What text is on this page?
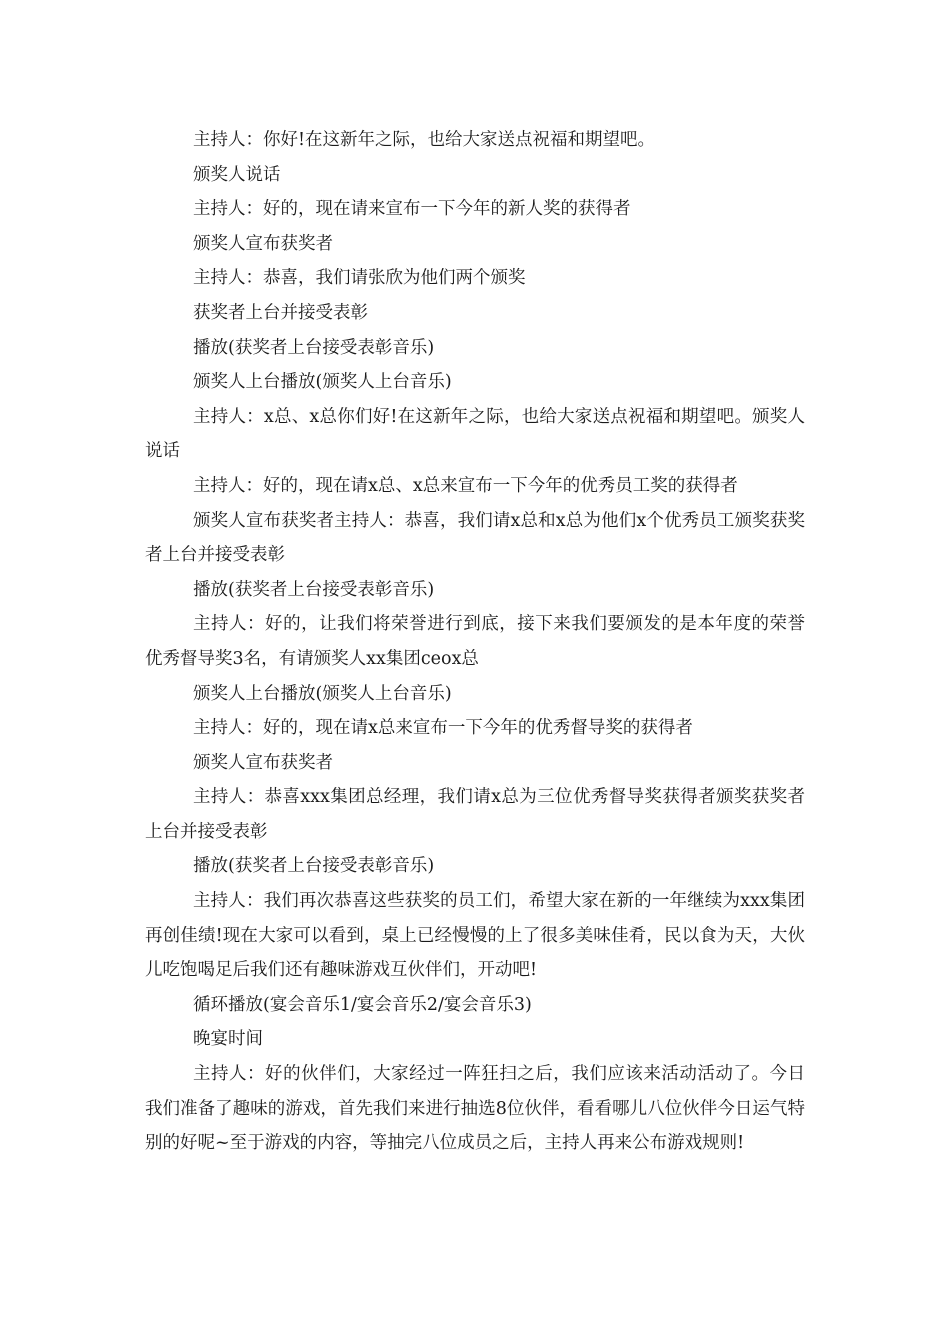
主持人：你好!在这新年之际，也给大家送点祝福和期望吧。

颁奖人说话

主持人：好的，现在请来宣布一下今年的新人奖的获得者

颁奖人宣布获奖者

主持人：恭喜，我们请张欣为他们两个颁奖

获奖者上台并接受表彰

播放(获奖者上台接受表彰音乐)

颁奖人上台播放(颁奖人上台音乐)

主持人：x总、x总你们好!在这新年之际，也给大家送点祝福和期望吧。颁奖人说话

主持人：好的，现在请x总、x总来宣布一下今年的优秀员工奖的获得者

颁奖人宣布获奖者主持人：恭喜，我们请x总和x总为他们x个优秀员工颁奖获奖者上台并接受表彰

播放(获奖者上台接受表彰音乐)

主持人：好的，让我们将荣誉进行到底，接下来我们要颁发的是本年度的荣誉优秀督导奖3名，有请颁奖人xx集团ceox总

颁奖人上台播放(颁奖人上台音乐)

主持人：好的，现在请x总来宣布一下今年的优秀督导奖的获得者

颁奖人宣布获奖者

主持人：恭喜xxx集团总经理，我们请x总为三位优秀督导奖获得者颁奖获奖者上台并接受表彰

播放(获奖者上台接受表彰音乐)

主持人：我们再次恭喜这些获奖的员工们，希望大家在新的一年继续为xxx集团再创佳绩!现在大家可以看到，桌上已经慢慢的上了很多美味佳肴，民以食为天，大伙儿吃饱喝足后我们还有趣味游戏互伙伴们，开动吧!

循环播放(宴会音乐1/宴会音乐2/宴会音乐3)

晚宴时间

主持人：好的伙伴们，大家经过一阵狂扫之后，我们应该来活动活动了。今日我们准备了趣味的游戏，首先我们来进行抽选8位伙伴，看看哪儿八位伙伴今日运气特别的好呢~至于游戏的内容，等抽完八位成员之后，主持人再来公布游戏规则!
